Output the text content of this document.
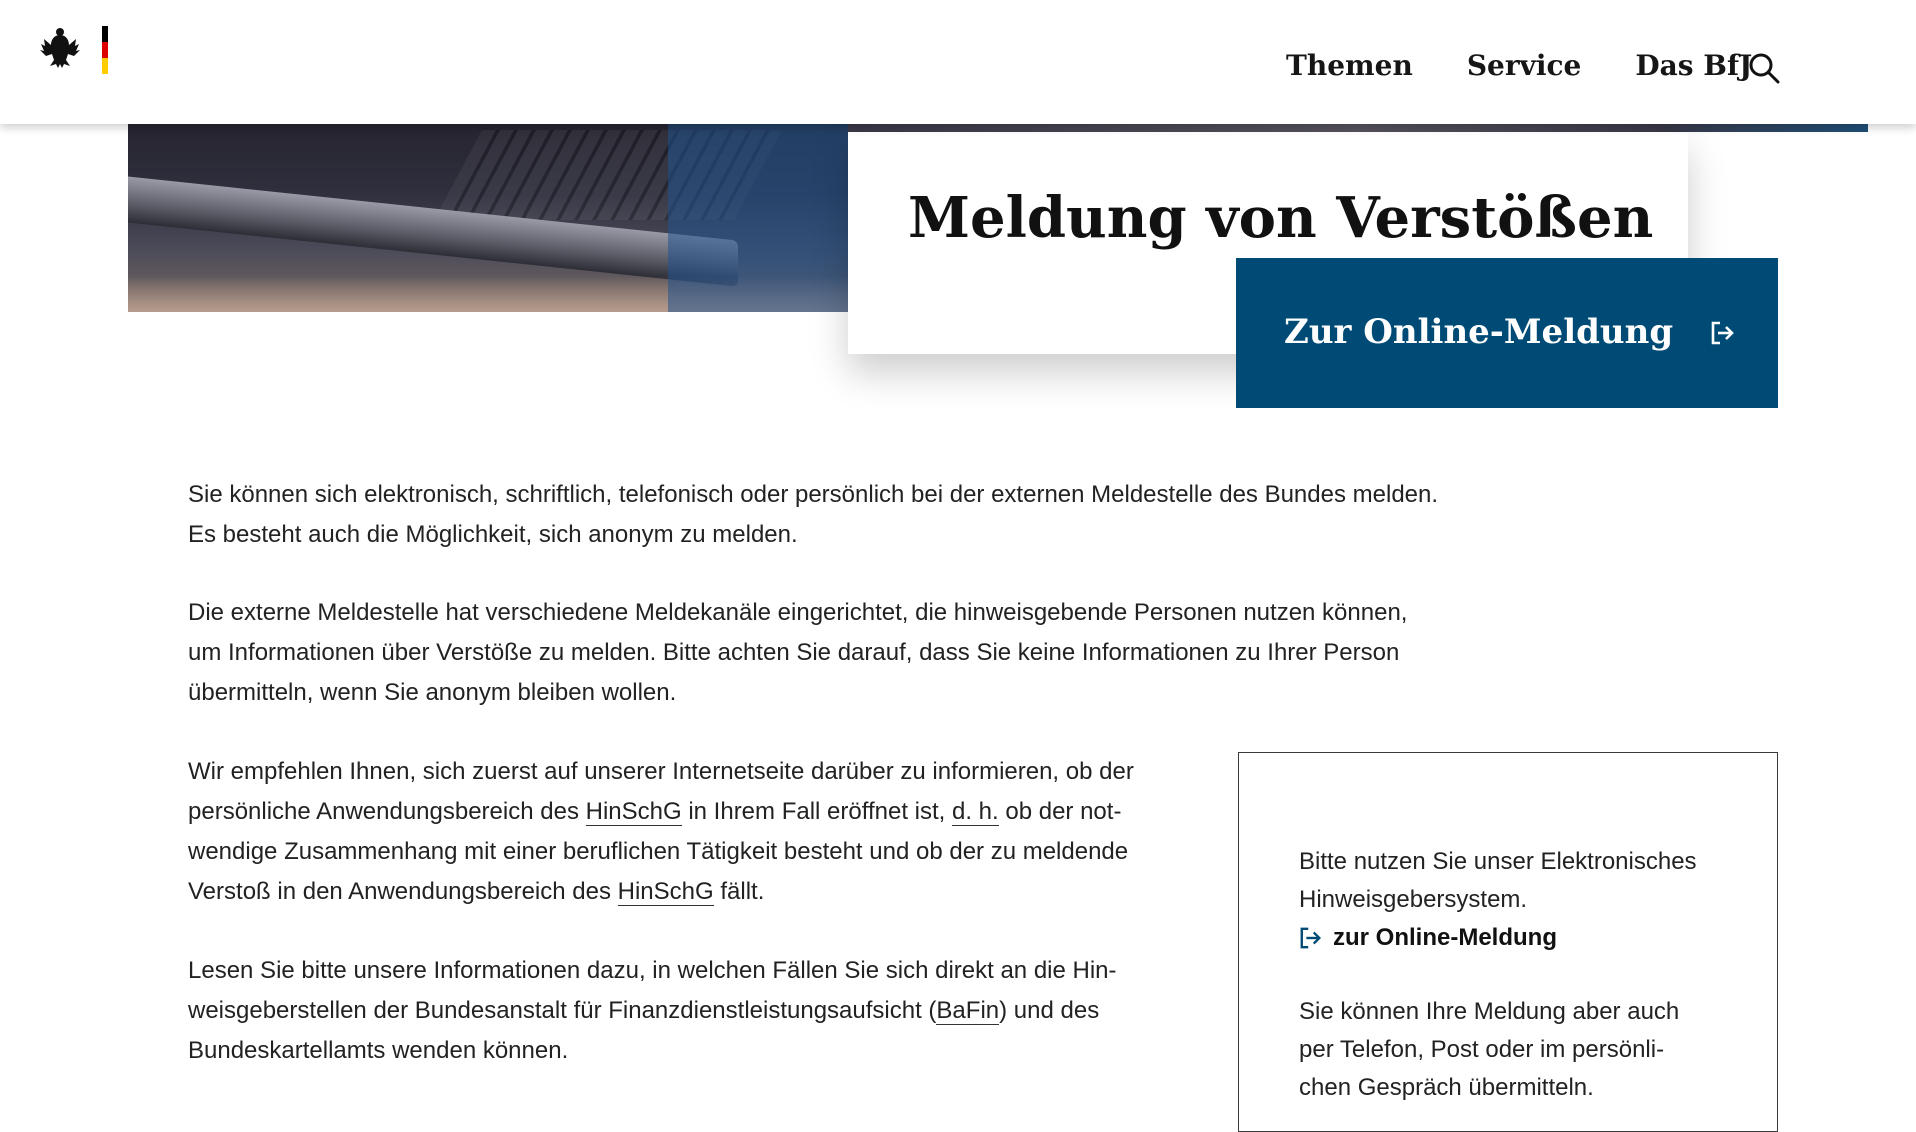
Themen Service Das BfJ
Meldung von Verstößen
Zur Online-Meldung

Sie können sich elektronisch, schriftlich, telefonisch oder persönlich bei der externen Meldestelle des Bundes melden.
Es besteht auch die Möglichkeit, sich anonym zu melden.

Die externe Meldestelle hat verschiedene Meldekanäle eingerichtet, die hinweisgebende Personen nutzen können,
um Informationen über Verstöße zu melden. Bitte achten Sie darauf, dass Sie keine Informationen zu Ihrer Person
übermitteln, wenn Sie anonym bleiben wollen.

Wir empfehlen Ihnen, sich zuerst auf unserer Internetseite darüber zu informieren, ob der
persönliche Anwendungsbereich des HinSchG in Ihrem Fall eröffnet ist, d. h. ob der not-
wendige Zusammenhang mit einer beruflichen Tätigkeit besteht und ob der zu meldende
Verstoß in den Anwendungsbereich des HinSchG fällt.

Lesen Sie bitte unsere Informationen dazu, in welchen Fällen Sie sich direkt an die Hin-
weisgeberstellen der Bundesanstalt für Finanzdienstleistungsaufsicht (BaFin) und des
Bundeskartellamts wenden können.

Bitte nutzen Sie unser Elektronisches
Hinweisgebersystem.

zur Online-Meldung

Sie können Ihre Meldung aber auch
per Telefon, Post oder im persönli-
chen Gespräch übermitteln.
